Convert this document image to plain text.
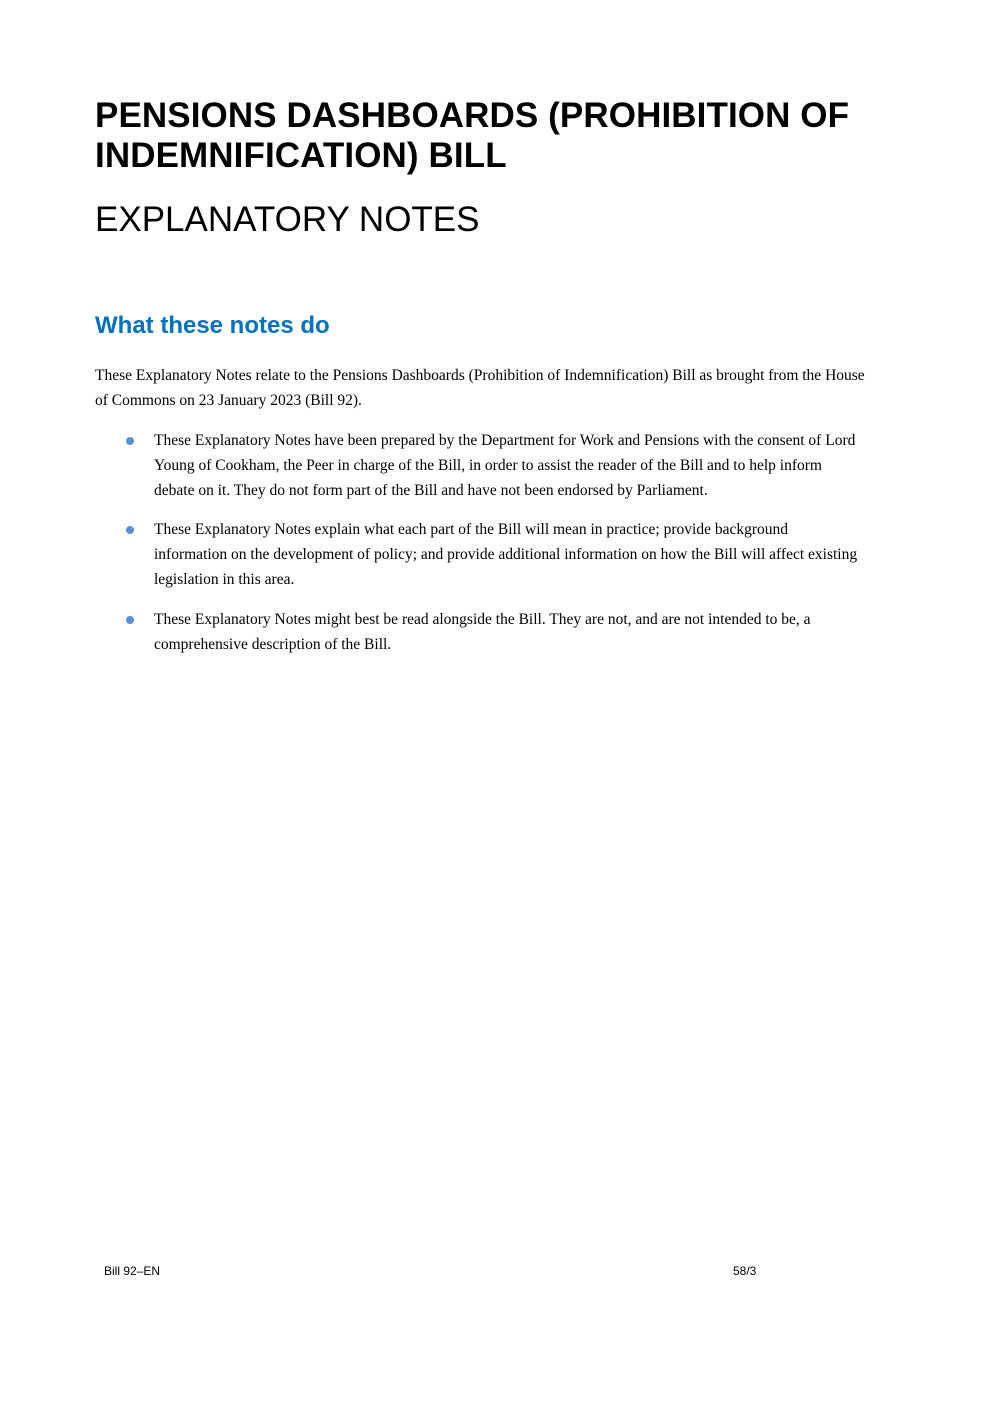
PENSIONS DASHBOARDS (PROHIBITION OF INDEMNIFICATION) BILL
EXPLANATORY NOTES
What these notes do

These Explanatory Notes relate to the Pensions Dashboards (Prohibition of Indemnification) Bill as brought from the House of Commons on 23 January 2023 (Bill 92).

These Explanatory Notes have been prepared by the Department for Work and Pensions with the consent of Lord Young of Cookham, the Peer in charge of the Bill, in order to assist the reader of the Bill and to help inform debate on it. They do not form part of the Bill and have not been endorsed by Parliament.
These Explanatory Notes explain what each part of the Bill will mean in practice; provide background information on the development of policy; and provide additional information on how the Bill will affect existing legislation in this area.
These Explanatory Notes might best be read alongside the Bill. They are not, and are not intended to be, a comprehensive description of the Bill.

Bill 92–EN	58/3
